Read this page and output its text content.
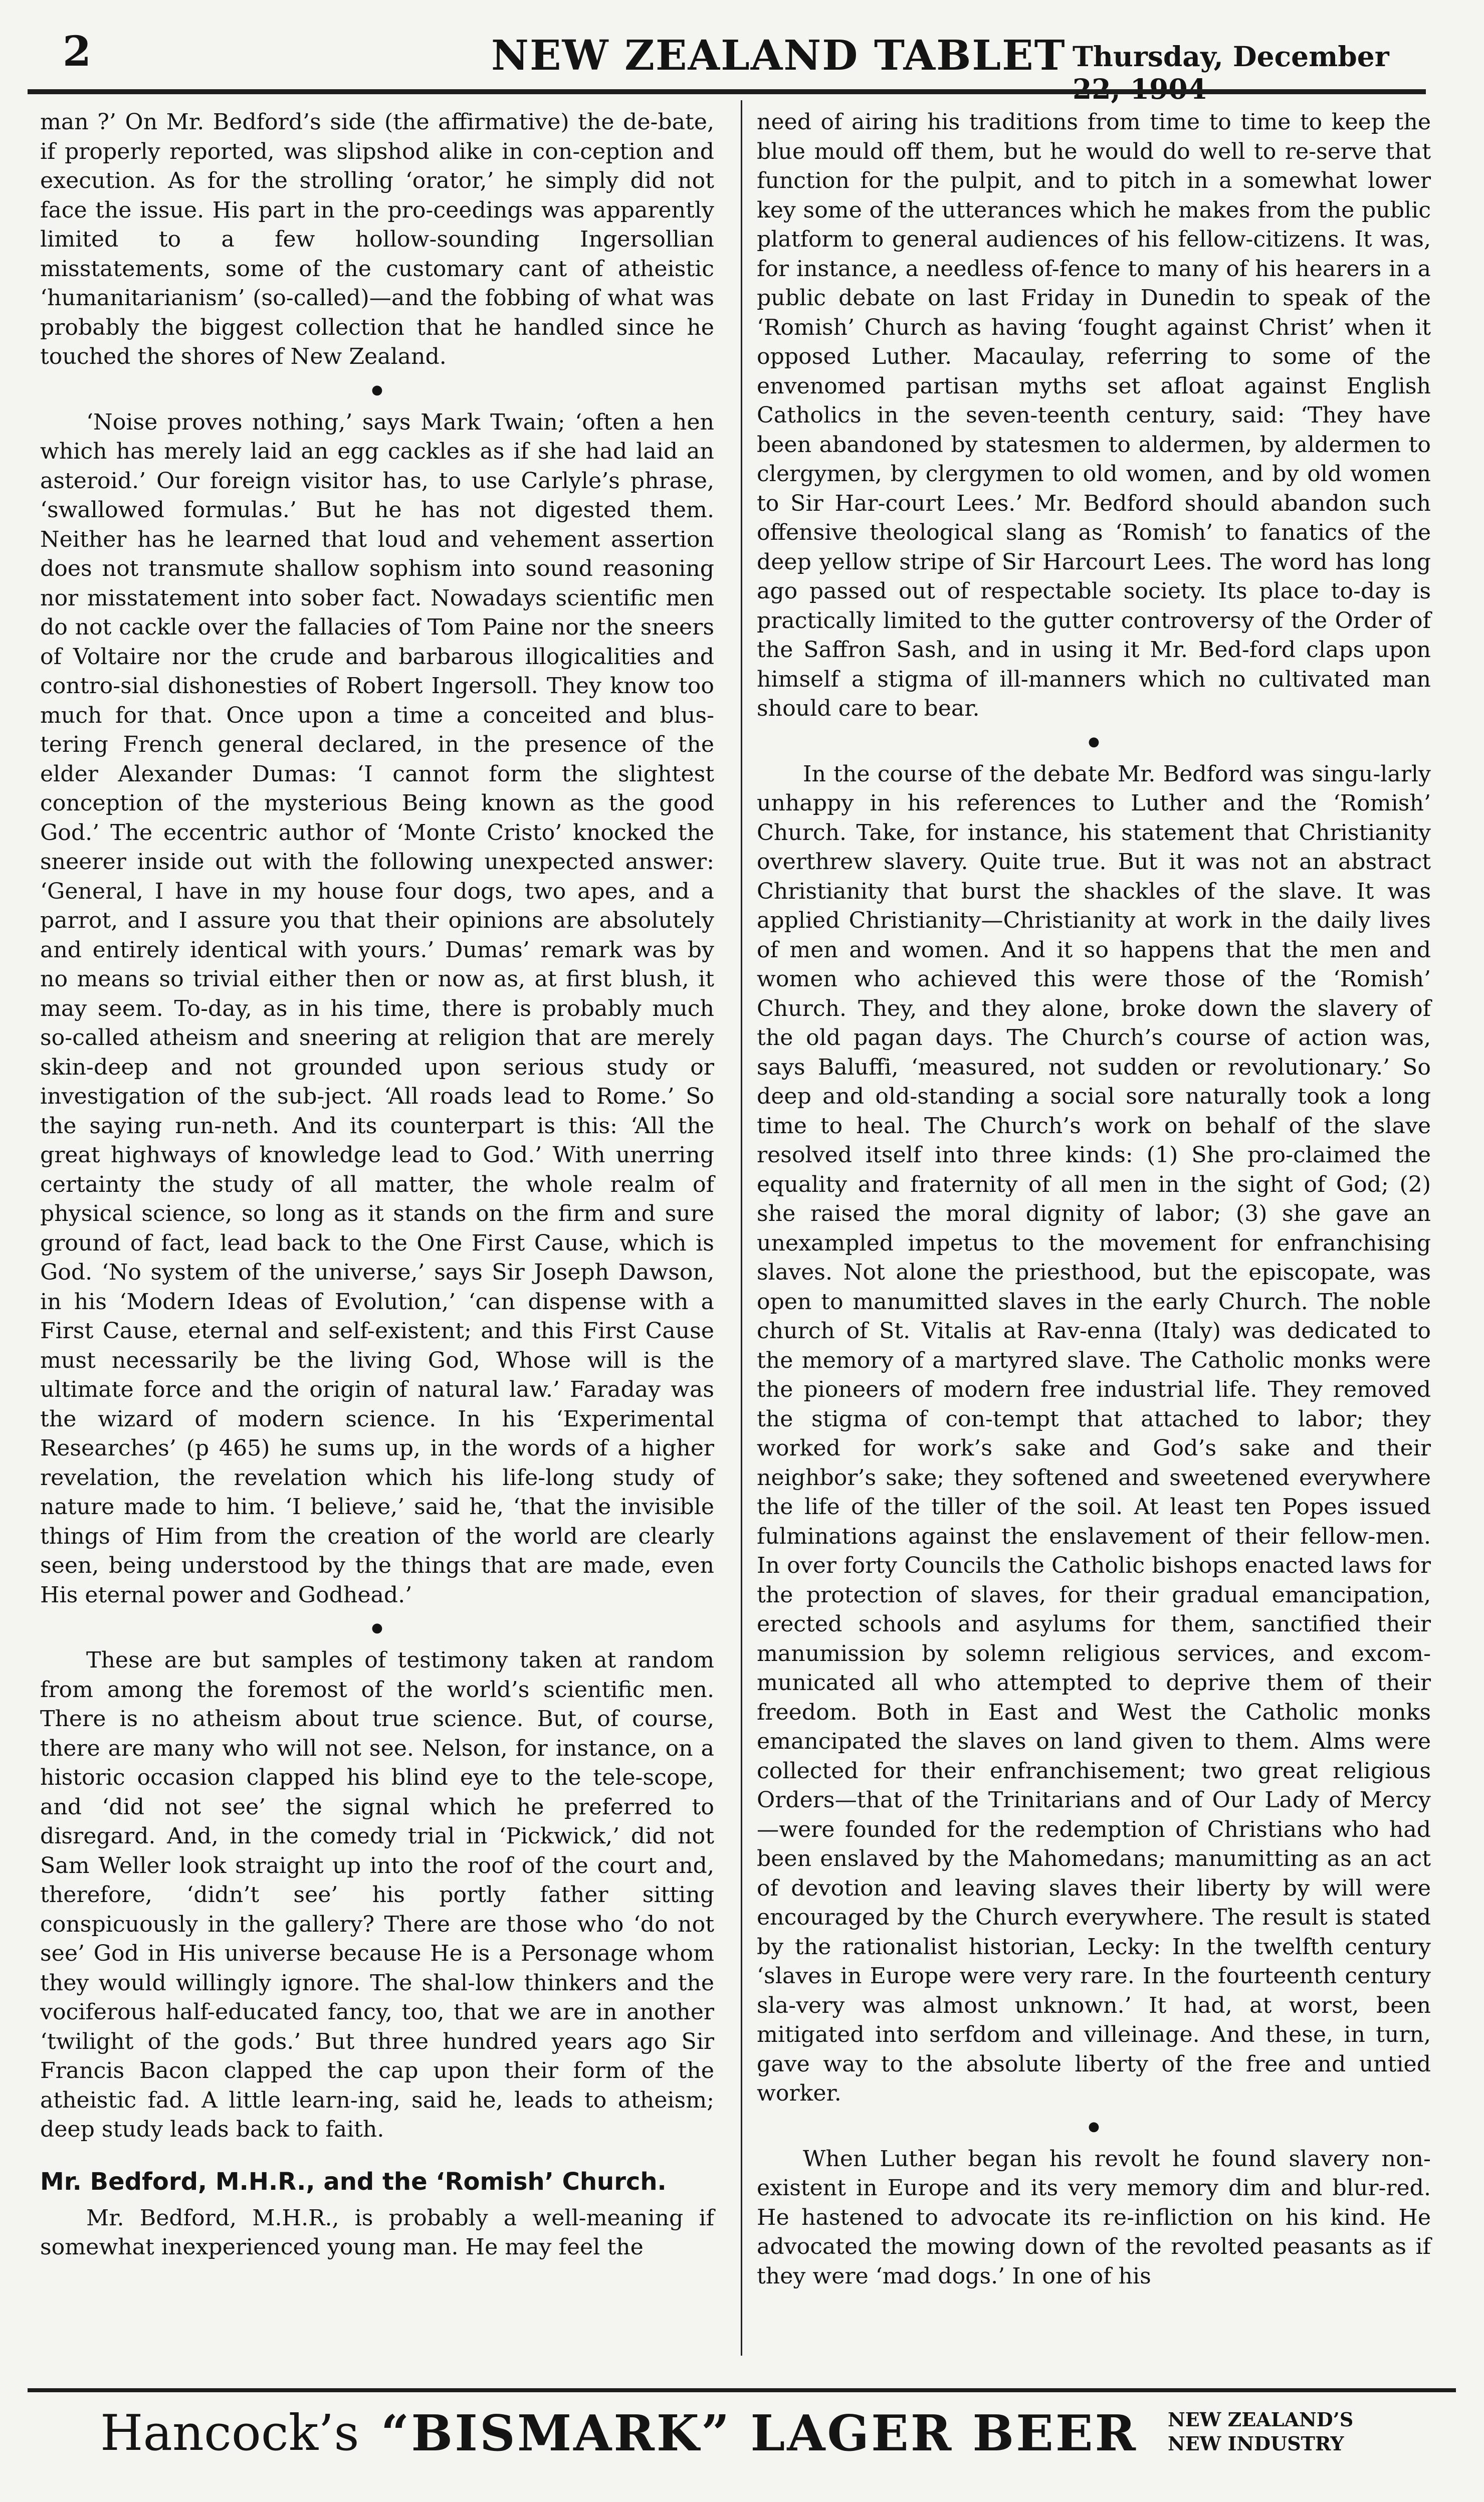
2	NEW ZEALAND TABLET Thursday, December

man ?’ On Mr. Bedford’s side (the affirmative) the de-bate, if properly reported, was slipshod alike in con-ception and execution. As for the strolling ‘orator,’ he simply did not face the issue. His part in the pro-ceedings was apparently limited to a few hollow-sounding Ingersollian misstatements, some of the customary cant of atheistic ‘humanitarianism’ (so-called)—and the fobbing of what was probably the biggest collection that he handled since he touched the shores of New Zealand.

●

‘Noise proves nothing,’ says Mark Twain; ‘often a hen which has merely laid an egg cackles as if she had laid an asteroid.’ Our foreign visitor has, to use Carlyle’s phrase, ‘swallowed formulas.’ But he has not digested them. Neither has he learned that loud and vehement assertion does not transmute shallow sophism into sound reasoning nor misstatement into sober fact. Nowadays scientific men do not cackle over the fallacies of Tom Paine nor the sneers of Voltaire nor the crude and barbarous illogicalities and contro-sial dishonesties of Robert Ingersoll. They know too much for that. Once upon a time a conceited and blus-tering French general declared, in the presence of the elder Alexander Dumas: ‘I cannot form the slightest conception of the mysterious Being known as the good God.’ The eccentric author of ‘Monte Cristo’ knocked the sneerer inside out with the following unexpected answer: ‘General, I have in my house four dogs, two apes, and a parrot, and I assure you that their opinions are absolutely and entirely identical with yours.’ Dumas’ remark was by no means so trivial either then or now as, at first blush, it may seem. To-day, as in his time, there is probably much so-called atheism and sneering at religion that are merely skin-deep and not grounded upon serious study or investigation of the sub-ject. ‘All roads lead to Rome.’ So the saying run-neth. And its counterpart is this: ‘All the great highways of knowledge lead to God.’ With unerring certainty the study of all matter, the whole realm of physical science, so long as it stands on the firm and sure ground of fact, lead back to the One First Cause, which is God. ‘No system of the universe,’ says Sir Joseph Dawson, in his ‘Modern Ideas of Evolution,’ ‘can dispense with a First Cause, eternal and self-existent; and this First Cause must necessarily be the living God, Whose will is the ultimate force and the origin of natural law.’ Faraday was the wizard of modern science. In his ‘Experimental Researches’ (p 465) he sums up, in the words of a higher revelation, the revelation which his life-long study of nature made to him. ‘I believe,’ said he, ‘that the invisible things of Him from the creation of the world are clearly seen, being understood by the things that are made, even His eternal power and Godhead.’

●

These are but samples of testimony taken at random from among the foremost of the world’s scientific men. There is no atheism about true science. But, of course, there are many who will not see. Nelson, for instance, on a historic occasion clapped his blind eye to the tele-scope, and ‘did not see’ the signal which he preferred to disregard. And, in the comedy trial in ‘Pickwick,’ did not Sam Weller look straight up into the roof of the court and, therefore, ‘didn’t see’ his portly father sitting conspicuously in the gallery? There are those who ‘do not see’ God in His universe because He is a Personage whom they would willingly ignore. The shal-low thinkers and the vociferous half-educated fancy, too, that we are in another ‘twilight of the gods.’ But three hundred years ago Sir Francis Bacon clapped the cap upon their form of the atheistic fad. A little learn-ing, said he, leads to atheism; deep study leads back to faith.

Mr. Bedford, M.H.R., and the ‘Romish’ Church.

Mr. Bedford, M.H.R., is probably a well-meaning if somewhat inexperienced young man. He may feel the

need of airing his traditions from time to time to keep the blue mould off them, but he would do well to re-serve that function for the pulpit, and to pitch in a somewhat lower key some of the utterances which he makes from the public platform to general audiences of his fellow-citizens. It was, for instance, a needless of-fence to many of his hearers in a public debate on last Friday in Dunedin to speak of the ‘Romish’ Church as having ‘fought against Christ’ when it opposed Luther. Macaulay, referring to some of the envenomed partisan myths set afloat against English Catholics in the seven-teenth century, said: ‘They have been abandoned by statesmen to aldermen, by aldermen to clergymen, by clergymen to old women, and by old women to Sir Har-court Lees.’ Mr. Bedford should abandon such offensive theological slang as ‘Romish’ to fanatics of the deep yellow stripe of Sir Harcourt Lees. The word has long ago passed out of respectable society. Its place to-day is practically limited to the gutter controversy of the Order of the Saffron Sash, and in using it Mr. Bed-ford claps upon himself a stigma of ill-manners which no cultivated man should care to bear.

●

In the course of the debate Mr. Bedford was singu-larly unhappy in his references to Luther and the ‘Romish’ Church. Take, for instance, his statement that Christianity overthrew slavery. Quite true. But it was not an abstract Christianity that burst the shackles of the slave. It was applied Christianity—Christianity at work in the daily lives of men and women. And it so happens that the men and women who achieved this were those of the ‘Romish’ Church. They, and they alone, broke down the slavery of the old pagan days. The Church’s course of action was, says Baluffi, ‘measured, not sudden or revolutionary.’ So deep and old-standing a social sore naturally took a long time to heal. The Church’s work on behalf of the slave resolved itself into three kinds: (1) She pro-claimed the equality and fraternity of all men in the sight of God; (2) she raised the moral dignity of labor; (3) she gave an unexampled impetus to the movement for enfranchising slaves. Not alone the priesthood, but the episcopate, was open to manumitted slaves in the early Church. The noble church of St. Vitalis at Rav-enna (Italy) was dedicated to the memory of a martyred slave. The Catholic monks were the pioneers of modern free industrial life. They removed the stigma of con-tempt that attached to labor; they worked for work’s sake and God’s sake and their neighbor’s sake; they softened and sweetened everywhere the life of the tiller of the soil. At least ten Popes issued fulminations against the enslavement of their fellow-men. In over forty Councils the Catholic bishops enacted laws for the protection of slaves, for their gradual emancipation, erected schools and asylums for them, sanctified their manumission by solemn religious services, and excom-municated all who attempted to deprive them of their freedom. Both in East and West the Catholic monks emancipated the slaves on land given to them. Alms were collected for their enfranchisement; two great religious Orders—that of the Trinitarians and of Our Lady of Mercy—were founded for the redemption of Christians who had been enslaved by the Mahomedans; manumitting as an act of devotion and leaving slaves their liberty by will were encouraged by the Church everywhere. The result is stated by the rationalist historian, Lecky: In the twelfth century ‘slaves in Europe were very rare. In the fourteenth century sla-very was almost unknown.’ It had, at worst, been mitigated into serfdom and villeinage. And these, in turn, gave way to the absolute liberty of the free and untied worker.

●

When Luther began his revolt he found slavery non-existent in Europe and its very memory dim and blur-red. He hastened to advocate its re-infliction on his kind. He advocated the mowing down of the revolted peasants as if they were ‘mad dogs.’ In one of his

Hancock’s “BISMARK” LAGER BEER NEW ZEALAND’S
NEW INDUSTRY
